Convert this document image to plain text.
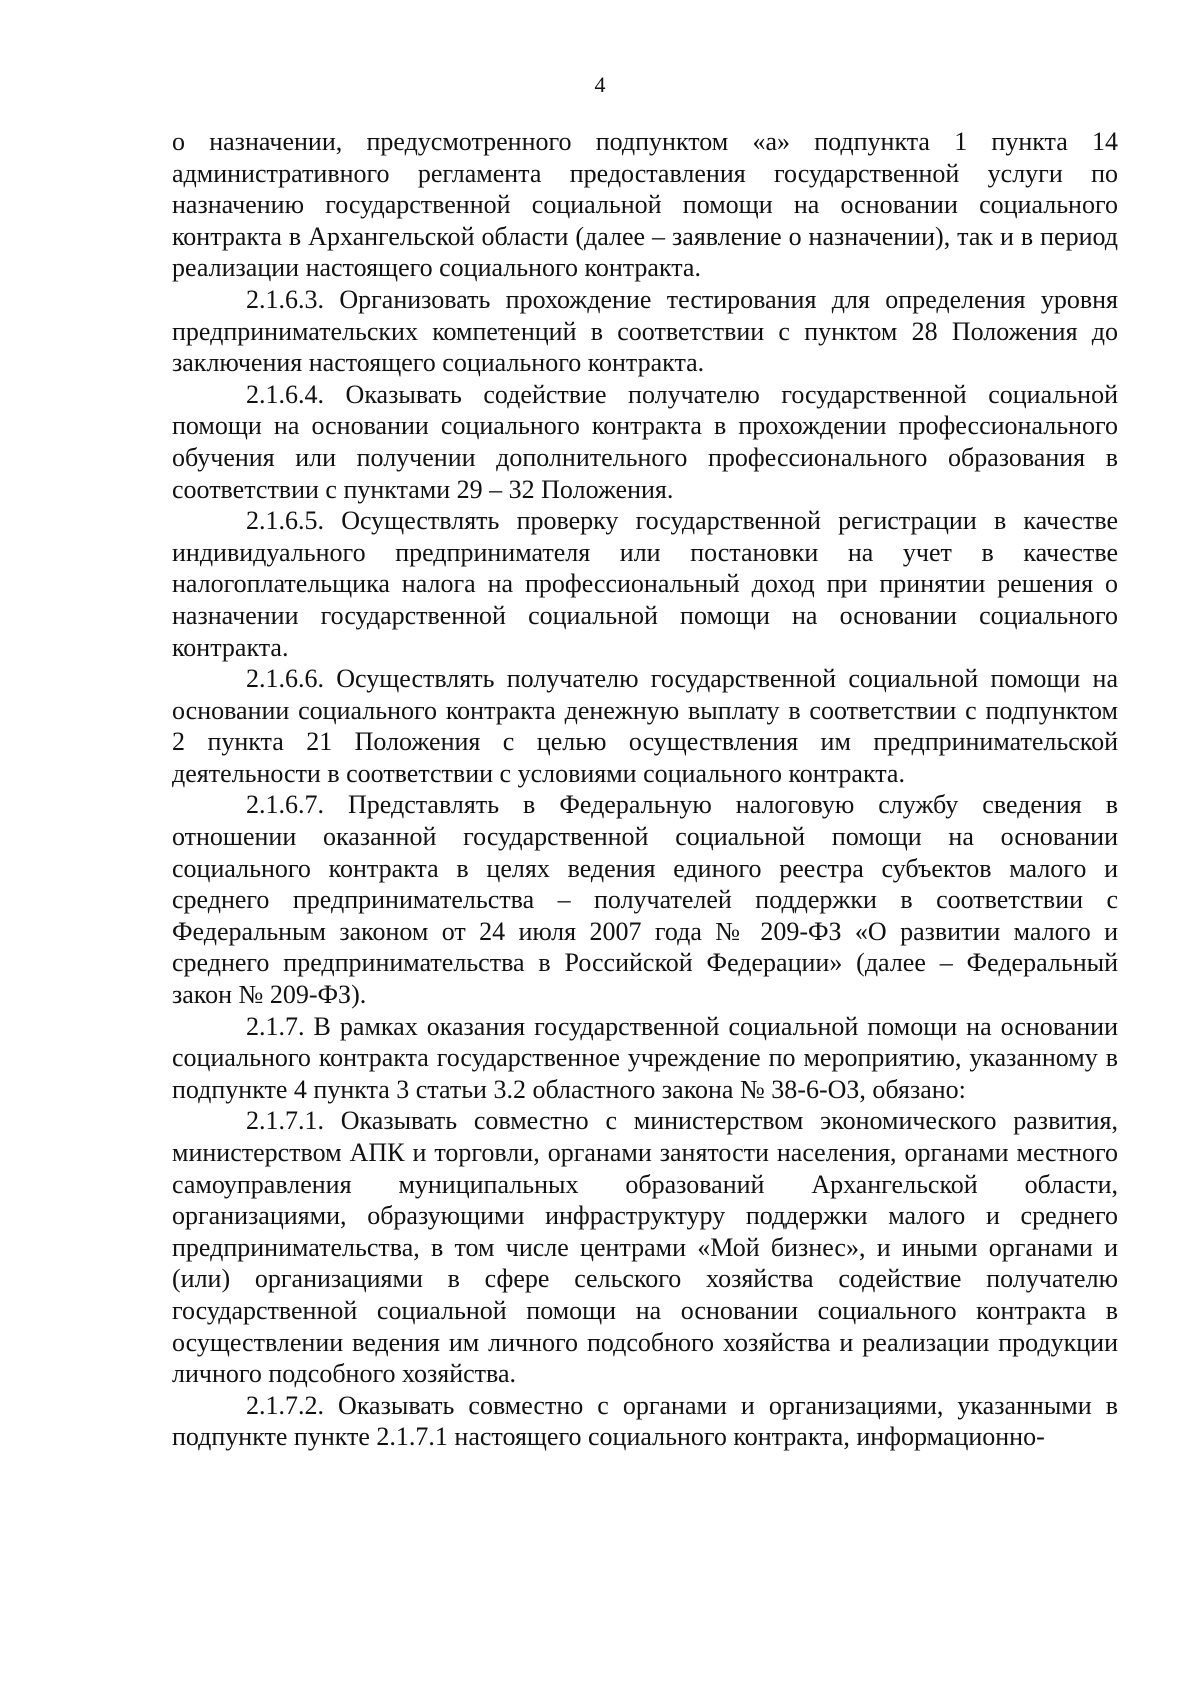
4

о назначении, предусмотренного подпунктом «а» подпункта 1 пункта 14 административного регламента предоставления государственной услуги по назначению государственной социальной помощи на основании социального контракта в Архангельской области (далее – заявление о назначении), так и в период реализации настоящего социального контракта.

2.1.6.3. Организовать прохождение тестирования для определения уровня предпринимательских компетенций в соответствии с пунктом 28 Положения до заключения настоящего социального контракта.

2.1.6.4. Оказывать содействие получателю государственной социальной помощи на основании социального контракта в прохождении профессионального обучения или получении дополнительного профессионального образования в соответствии с пунктами 29 – 32 Положения.

2.1.6.5. Осуществлять проверку государственной регистрации в качестве индивидуального предпринимателя или постановки на учет в качестве налогоплательщика налога на профессиональный доход при принятии решения о назначении государственной социальной помощи на основании социального контракта.

2.1.6.6. Осуществлять получателю государственной социальной помощи на основании социального контракта денежную выплату в соответствии с подпунктом 2 пункта 21 Положения с целью осуществления им предпринимательской деятельности в соответствии с условиями социального контракта.

2.1.6.7. Представлять в Федеральную налоговую службу сведения в отношении оказанной государственной социальной помощи на основании социального контракта в целях ведения единого реестра субъектов малого и среднего предпринимательства – получателей поддержки в соответствии с Федеральным законом от 24 июля 2007 года № 209-ФЗ «О развитии малого и среднего предпринимательства в Российской Федерации» (далее – Федеральный закон № 209-ФЗ).

2.1.7. В рамках оказания государственной социальной помощи на основании социального контракта государственное учреждение по мероприятию, указанному в подпункте 4 пункта 3 статьи 3.2 областного закона № 38-6-ОЗ, обязано:

2.1.7.1. Оказывать совместно с министерством экономического развития, министерством АПК и торговли, органами занятости населения, органами местного самоуправления муниципальных образований Архангельской области, организациями, образующими инфраструктуру поддержки малого и среднего предпринимательства, в том числе центрами «Мой бизнес», и иными органами и (или) организациями в сфере сельского хозяйства содействие получателю государственной социальной помощи на основании социального контракта в осуществлении ведения им личного подсобного хозяйства и реализации продукции личного подсобного хозяйства.

2.1.7.2. Оказывать совместно с органами и организациями, указанными в подпункте пункте 2.1.7.1 настоящего социального контракта, информационно-
